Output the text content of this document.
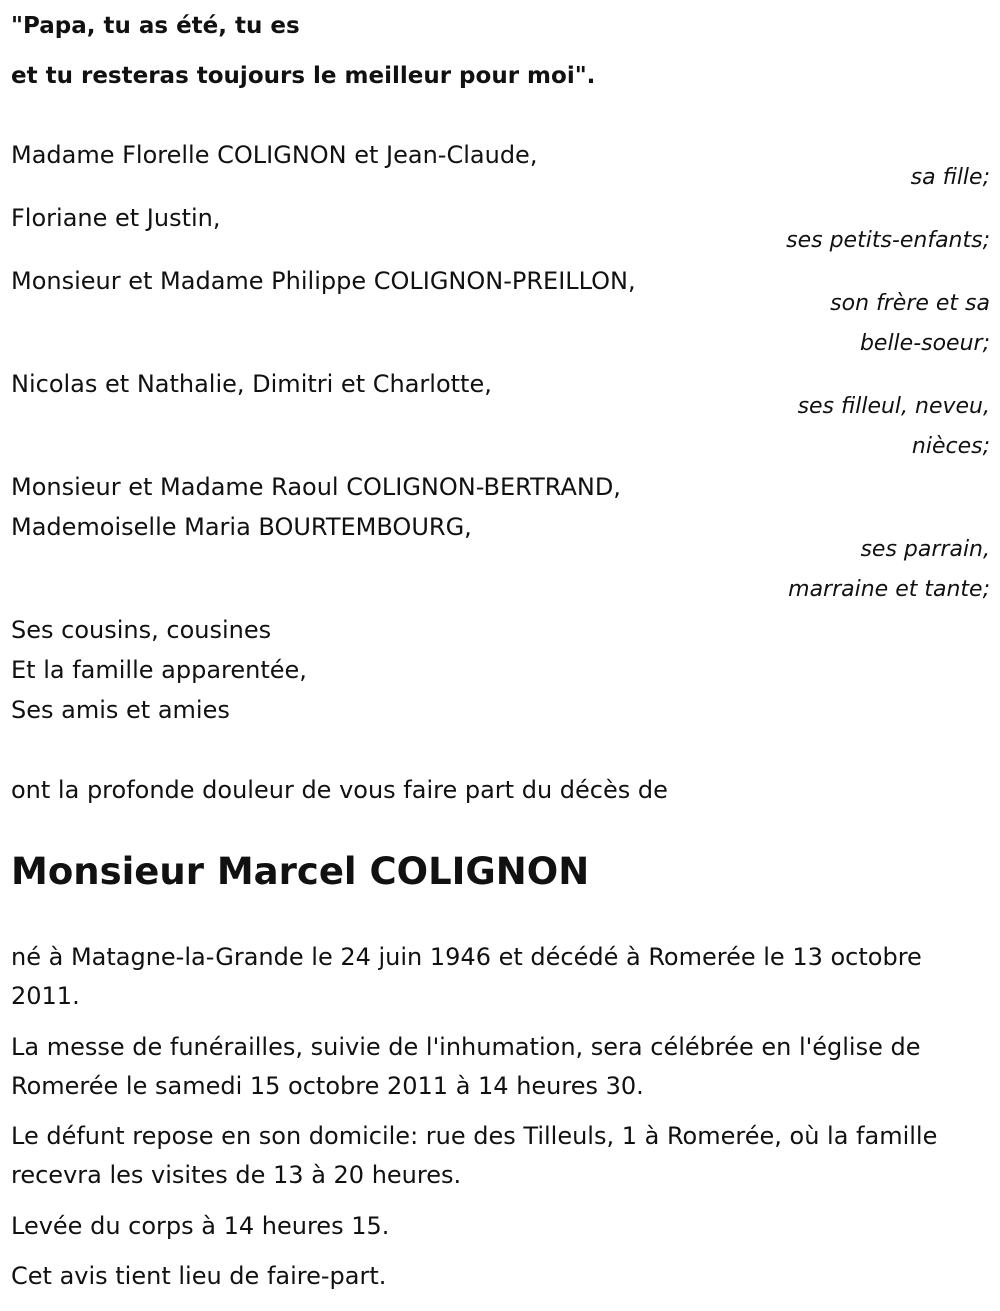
"Papa, tu as été, tu es
et tu resteras toujours le meilleur pour moi".
Madame Florelle COLIGNON et Jean-Claude,
sa fille;
Floriane et Justin,
ses petits-enfants;
Monsieur et Madame Philippe COLIGNON-PREILLON,
son frère et sa
belle-soeur;
Nicolas et Nathalie, Dimitri et Charlotte,
ses filleul, neveu,
nièces;
Monsieur et Madame Raoul COLIGNON-BERTRAND,
Mademoiselle Maria BOURTEMBOURG,
ses parrain,
marraine et tante;
Ses cousins, cousines
Et la famille apparentée,
Ses amis et amies
ont la profonde douleur de vous faire part du décès de
Monsieur Marcel COLIGNON
né à Matagne-la-Grande le 24 juin 1946 et décédé à Romerée le 13 octobre 2011.
La messe de funérailles, suivie de l'inhumation, sera célébrée en l'église de Romerée le samedi 15 octobre 2011 à 14 heures 30.
Le défunt repose en son domicile: rue des Tilleuls, 1 à Romerée, où la famille recevra les visites de 13 à 20 heures.
Levée du corps à 14 heures 15.
Cet avis tient lieu de faire-part.
